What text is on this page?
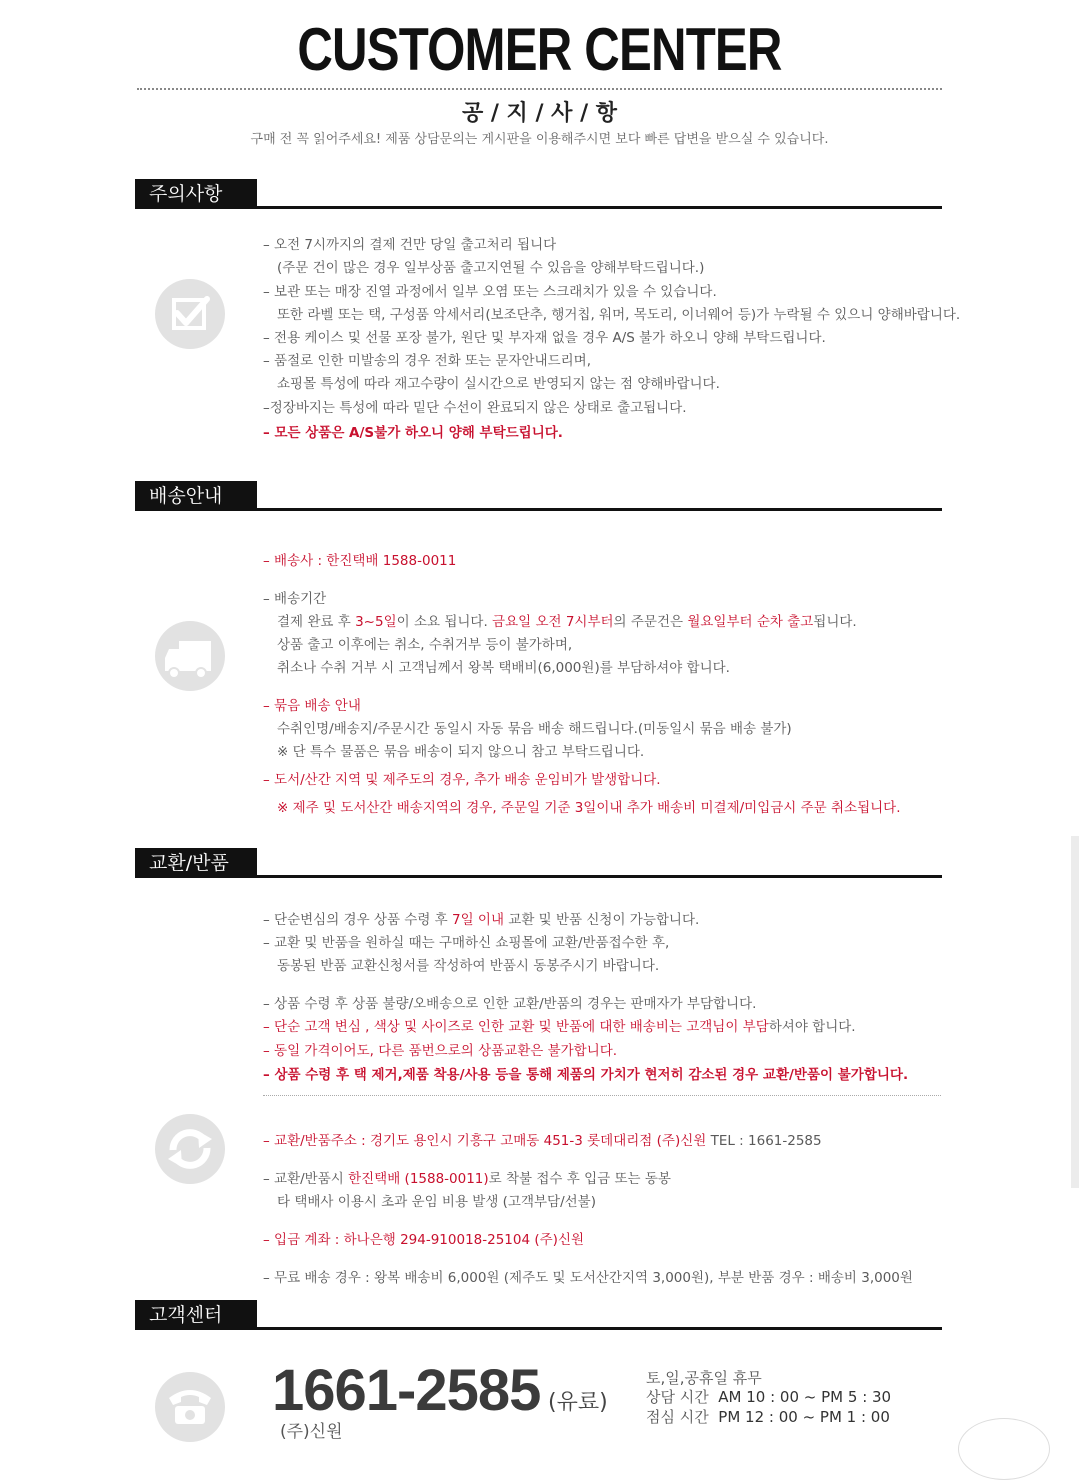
CUSTOMER CENTER
공 / 지 / 사 / 항
구매 전 꼭 읽어주세요! 제품 상담문의는 게시판을 이용해주시면 보다 빠른 답변을 받으실 수 있습니다.
주의사항
– 오전 7시까지의 결제 건만 당일 출고처리 됩니다
(주문 건이 많은 경우 일부상품 출고지연될 수 있음을 양해부탁드립니다.)
– 보관 또는 매장 진열 과정에서 일부 오염 또는 스크래치가 있을 수 있습니다.
또한 라벨 또는 택, 구성품 악세서리(보조단추, 행거칩, 워머, 목도리, 이너웨어 등)가 누락될 수 있으니 양해바랍니다.
– 전용 케이스 및 선물 포장 불가, 원단 및 부자재 없을 경우 A/S 불가 하오니 양해 부탁드립니다.
– 품절로 인한 미발송의 경우 전화 또는 문자안내드리며,
쇼핑몰 특성에 따라 재고수량이 실시간으로 반영되지 않는 점 양해바랍니다.
–정장바지는 특성에 따라 밑단 수선이 완료되지 않은 상태로 출고됩니다.
– 모든 상품은 A/S불가 하오니 양해 부탁드립니다.
배송안내
– 배송사 : 한진택배 1588-0011
– 배송기간
결제 완료 후 3~5일이 소요 됩니다. 금요일 오전 7시부터의 주문건은 월요일부터 순차 출고됩니다.
상품 출고 이후에는 취소, 수취거부 등이 불가하며,
취소나 수취 거부 시 고객님께서 왕복 택배비(6,000원)를 부담하셔야 합니다.
– 묶음 배송 안내
수취인명/배송지/주문시간 동일시 자동 묶음 배송 해드립니다.(미동일시 묶음 배송 불가)
※ 단 특수 물품은 묶음 배송이 되지 않으니 참고 부탁드립니다.
– 도서/산간 지역 및 제주도의 경우, 추가 배송 운임비가 발생합니다.
※ 제주 및 도서산간 배송지역의 경우, 주문일 기준 3일이내 추가 배송비 미결제/미입금시 주문 취소됩니다.
교환/반품
– 단순변심의 경우 상품 수령 후 7일 이내 교환 및 반품 신청이 가능합니다.
– 교환 및 반품을 원하실 때는 구매하신 쇼핑몰에 교환/반품접수한 후,
동봉된 반품 교환신청서를 작성하여 반품시 동봉주시기 바랍니다.
– 상품 수령 후 상품 불량/오배송으로 인한 교환/반품의 경우는 판매자가 부담합니다.
– 단순 고객 변심 , 색상 및 사이즈로 인한 교환 및 반품에 대한 배송비는 고객님이 부담하셔야 합니다.
– 동일 가격이어도, 다른 품번으로의 상품교환은 불가합니다.
– 상품 수령 후 택 제거,제품 착용/사용 등을 통해 제품의 가치가 현저히 감소된 경우 교환/반품이 불가합니다.
– 교환/반품주소 : 경기도 용인시 기흥구 고매동 451-3 롯데대리점 (주)신원 TEL : 1661-2585
– 교환/반품시 한진택배 (1588-0011)로 착불 접수 후 입금 또는 동봉
타 택배사 이용시 초과 운임 비용 발생 (고객부담/선불)
– 입금 계좌 : 하나은행 294-910018-25104 (주)신원
– 무료 배송 경우 : 왕복 배송비 6,000원 (제주도 및 도서산간지역 3,000원), 부분 반품 경우 : 배송비 3,000원
고객센터
1661-2585 (유료)
(주)신원
토,일,공휴일 휴무
상담 시간 AM 10 : 00 ~ PM 5 : 30
점심 시간 PM 12 : 00 ~ PM 1 : 00
